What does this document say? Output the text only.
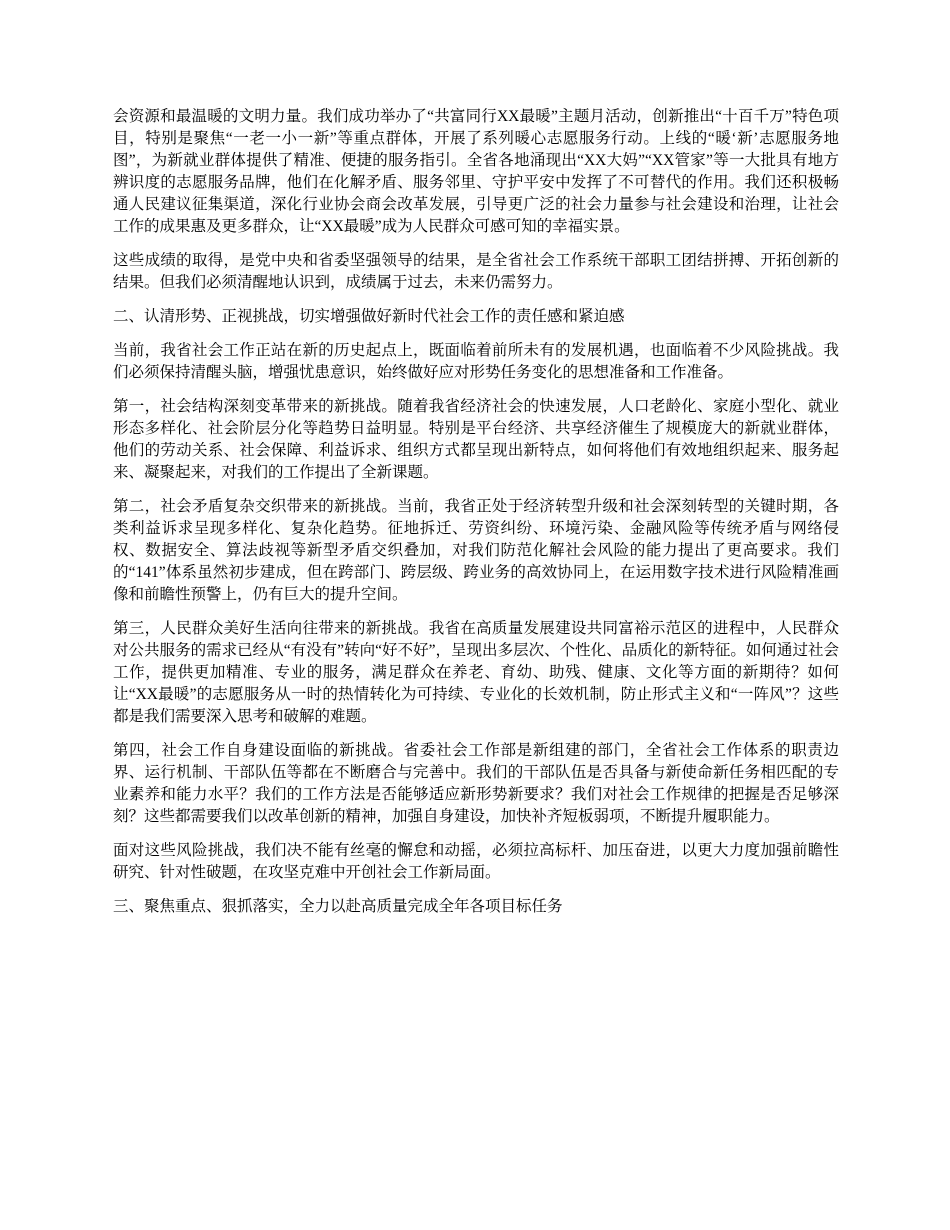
会资源和最温暖的文明力量。我们成功举办了“共富同行XX最暖”主题月活动，创新推出“十百千万”特色项目，特别是聚焦“一老一小一新”等重点群体，开展了系列暖心志愿服务行动。上线的“暖‘新’志愿服务地图”，为新就业群体提供了精准、便捷的服务指引。全省各地涌现出“XX大妈”“XX管家”等一大批具有地方辨识度的志愿服务品牌，他们在化解矛盾、服务邻里、守护平安中发挥了不可替代的作用。我们还积极畅通人民建议征集渠道，深化行业协会商会改革发展，引导更广泛的社会力量参与社会建设和治理，让社会工作的成果惠及更多群众，让“XX最暖”成为人民群众可感可知的幸福实景。

这些成绩的取得，是党中央和省委坚强领导的结果，是全省社会工作系统干部职工团结拼搏、开拓创新的结果。但我们必须清醒地认识到，成绩属于过去，未来仍需努力。

二、认清形势、正视挑战，切实增强做好新时代社会工作的责任感和紧迫感

当前，我省社会工作正站在新的历史起点上，既面临着前所未有的发展机遇，也面临着不少风险挑战。我们必须保持清醒头脑，增强忧患意识，始终做好应对形势任务变化的思想准备和工作准备。

第一，社会结构深刻变革带来的新挑战。随着我省经济社会的快速发展，人口老龄化、家庭小型化、就业形态多样化、社会阶层分化等趋势日益明显。特别是平台经济、共享经济催生了规模庞大的新就业群体，他们的劳动关系、社会保障、利益诉求、组织方式都呈现出新特点，如何将他们有效地组织起来、服务起来、凝聚起来，对我们的工作提出了全新课题。

第二，社会矛盾复杂交织带来的新挑战。当前，我省正处于经济转型升级和社会深刻转型的关键时期，各类利益诉求呈现多样化、复杂化趋势。征地拆迁、劳资纠纷、环境污染、金融风险等传统矛盾与网络侵权、数据安全、算法歧视等新型矛盾交织叠加，对我们防范化解社会风险的能力提出了更高要求。我们的“141”体系虽然初步建成，但在跨部门、跨层级、跨业务的高效协同上，在运用数字技术进行风险精准画像和前瞻性预警上，仍有巨大的提升空间。

第三，人民群众美好生活向往带来的新挑战。我省在高质量发展建设共同富裕示范区的进程中，人民群众对公共服务的需求已经从“有没有”转向“好不好”，呈现出多层次、个性化、品质化的新特征。如何通过社会工作，提供更加精准、专业的服务，满足群众在养老、育幼、助残、健康、文化等方面的新期待？如何让“XX最暖”的志愿服务从一时的热情转化为可持续、专业化的长效机制，防止形式主义和“一阵风”？这些都是我们需要深入思考和破解的难题。

第四，社会工作自身建设面临的新挑战。省委社会工作部是新组建的部门，全省社会工作体系的职责边界、运行机制、干部队伍等都在不断磨合与完善中。我们的干部队伍是否具备与新使命新任务相匹配的专业素养和能力水平？我们的工作方法是否能够适应新形势新要求？我们对社会工作规律的把握是否足够深刻？这些都需要我们以改革创新的精神，加强自身建设，加快补齐短板弱项，不断提升履职能力。

面对这些风险挑战，我们决不能有丝毫的懈怠和动摇，必须拉高标杆、加压奋进，以更大力度加强前瞻性研究、针对性破题，在攻坚克难中开创社会工作新局面。

三、聚焦重点、狠抓落实，全力以赴高质量完成全年各项目标任务
